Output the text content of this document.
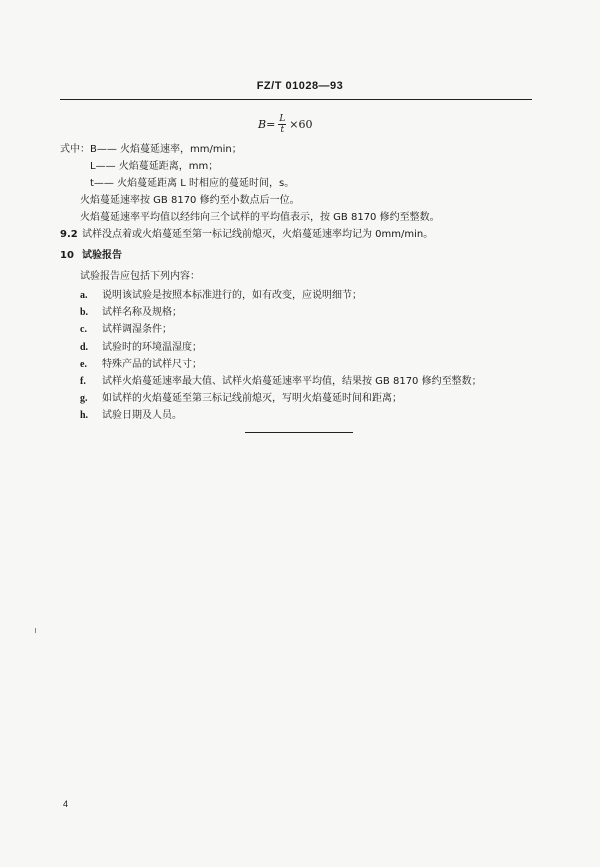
FZ/T 01028—93
$B= \frac{L}{t} \times 60$
式中：B—— 火焰蔓延速率，mm/min；
L—— 火焰蔓延距离，mm；
t—— 火焰蔓延距离 L 时相应的蔓延时间，s。
火焰蔓延速率按 GB 8170 修约至小数点后一位。
火焰蔓延速率平均值以经纬向三个试样的平均值表示，按 GB 8170 修约至整数。
9.2 试样没点着或火焰蔓延至第一标记线前熄灭，火焰蔓延速率均记为 0mm/min。
10 试验报告
试验报告应包括下列内容：
a. 说明该试验是按照本标准进行的，如有改变，应说明细节；
b. 试样名称及规格；
c. 试样调湿条件；
d. 试验时的环境温湿度；
e. 特殊产品的试样尺寸；
f. 试样火焰蔓延速率最大值、试样火焰蔓延速率平均值，结果按 GB 8170 修约至整数；
g. 如试样的火焰蔓延至第三标记线前熄灭，写明火焰蔓延时间和距离；
h. 试验日期及人员。
4
